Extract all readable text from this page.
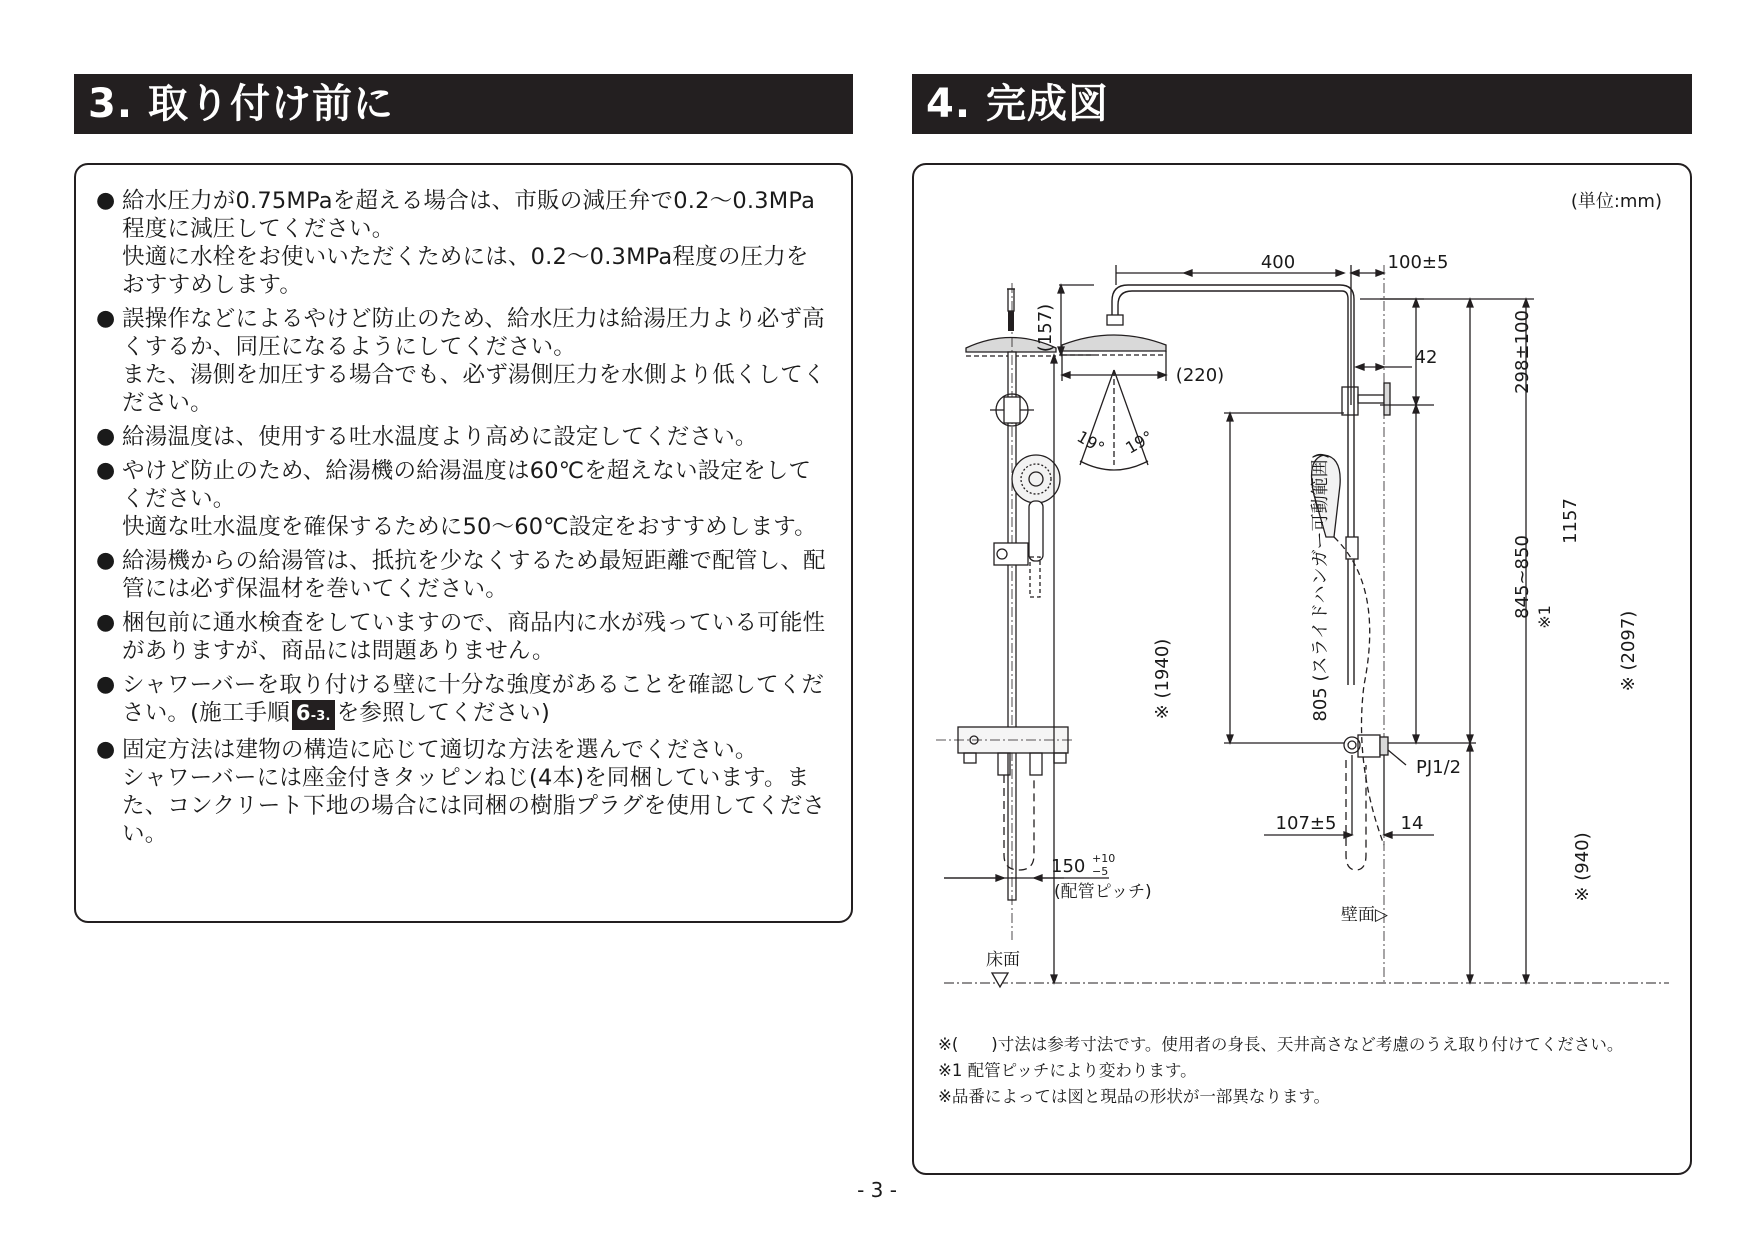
3. 取り付け前に
● 給水圧力が0.75MPaを超える場合は、市販の減圧弁で0.2〜0.3MPa程度に減圧してください。

快適に水栓をお使いいただくためには、0.2〜0.3MPa程度の圧力をおすすめします。

● 誤操作などによるやけど防止のため、給水圧力は給湯圧力より必ず高くするか、同圧になるようにしてください。

また、湯側を加圧する場合でも、必ず湯側圧力を水側より低くしてください。

● 給湯温度は、使用する吐水温度より高めに設定してください。

● やけど防止のため、給湯機の給湯温度は60℃を超えない設定をしてください。

快適な吐水温度を確保するために50〜60℃設定をおすすめします。

● 給湯機からの給湯管は、抵抗を少なくするため最短距離で配管し、配管には必ず保温材を巻いてください。

● 梱包前に通水検査をしていますので、商品内に水が残っている可能性がありますが、商品には問題ありません。

● シャワーバーを取り付ける壁に十分な強度があることを確認してください。(施工手順 6-3. を参照してください)

● 固定方法は建物の構造に応じて適切な方法を選んでください。

シャワーバーには座金付きタッピンねじ(4本)を同梱しています。また、コンクリート下地の場合には同梱の樹脂プラグを使用してください。

4. 完成図
(単位:mm)
400	100±5
(157)
(220)
42	298±100
19° 19°
1157
845~850 ※1
805 (スライドハンガー可動範囲)
※ (1940)	※ (2097)
PJ1/2
107±5	14
150 +10
−5
(配管ピッチ)	※ (940)
壁面▷
床面
※(　　)寸法は参考寸法です。使用者の身長、天井高さなど考慮のうえ取り付けてください。
※1 配管ピッチにより変わります。
※品番によっては図と現品の形状が一部異なります。
- 3 -
